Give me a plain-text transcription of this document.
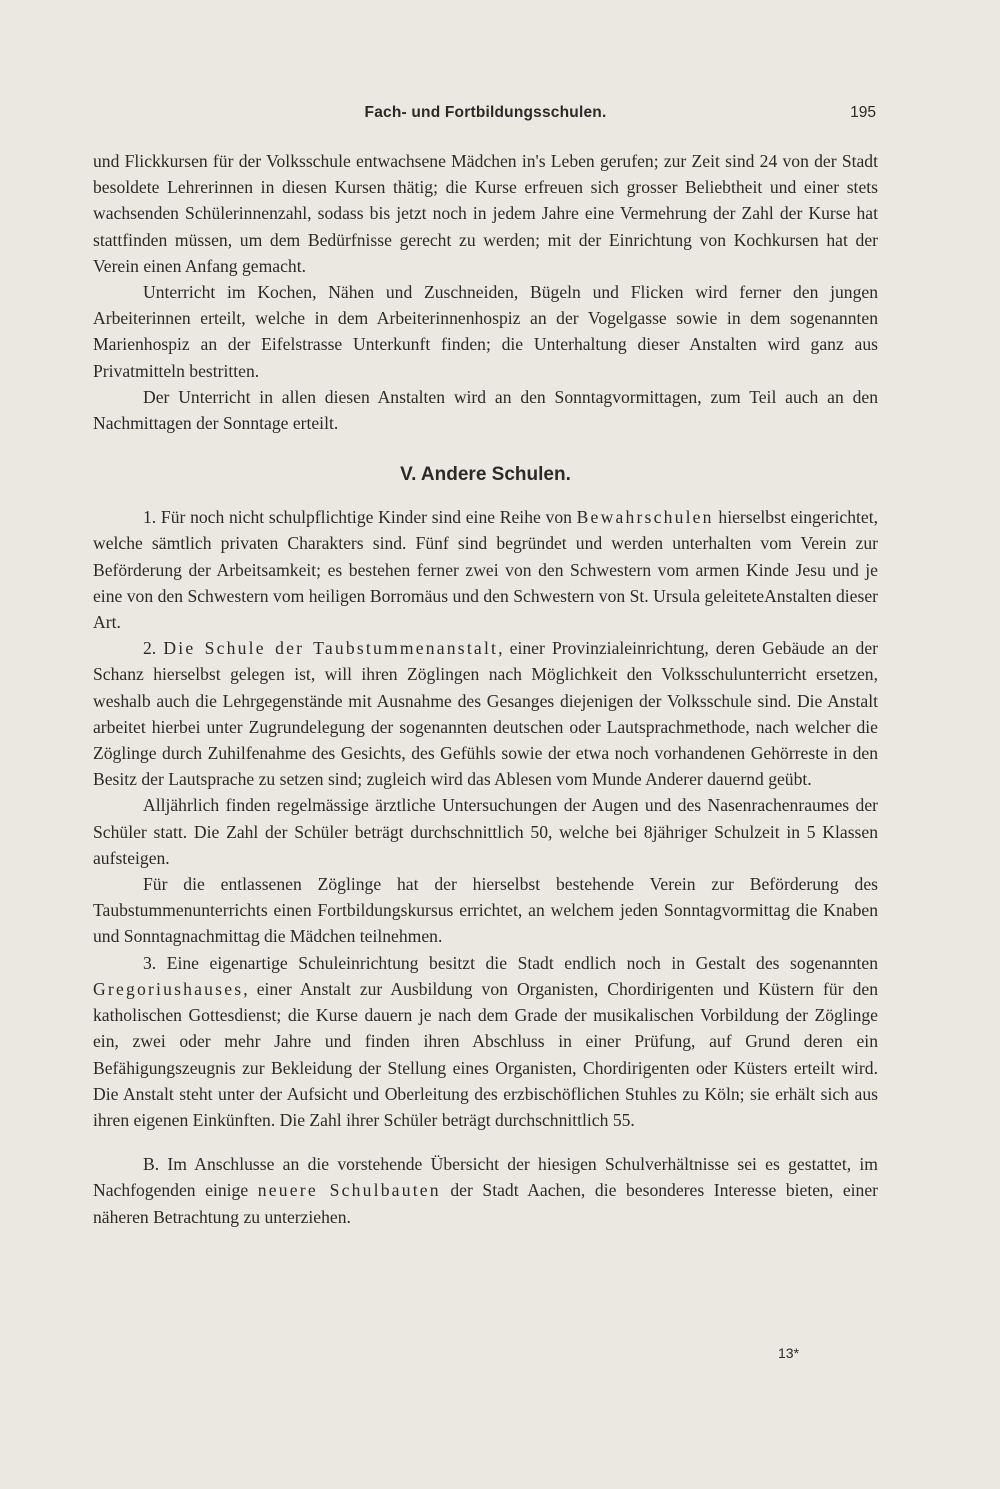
Fach- und Fortbildungsschulen.	195

und Flickkursen für der Volksschule entwachsene Mädchen in's Leben gerufen; zur Zeit sind 24 von der Stadt besoldete Lehrerinnen in diesen Kursen thätig; die Kurse erfreuen sich grosser Beliebtheit und einer stets wachsenden Schülerinnenzahl, sodass bis jetzt noch in jedem Jahre eine Vermehrung der Zahl der Kurse hat stattfinden müssen, um dem Bedürfnisse gerecht zu werden; mit der Einrichtung von Kochkursen hat der Verein einen Anfang gemacht.

Unterricht im Kochen, Nähen und Zuschneiden, Bügeln und Flicken wird ferner den jungen Arbeiterinnen erteilt, welche in dem Arbeiterinnenhospiz an der Vogelgasse sowie in dem sogenannten Marienhospiz an der Eifelstrasse Unterkunft finden; die Unterhaltung dieser Anstalten wird ganz aus Privatmitteln bestritten.

Der Unterricht in allen diesen Anstalten wird an den Sonntagvormittagen, zum Teil auch an den Nachmittagen der Sonntage erteilt.

V. Andere Schulen.

1. Für noch nicht schulpflichtige Kinder sind eine Reihe von Bewahrschulen hierselbst eingerichtet, welche sämtlich privaten Charakters sind. Fünf sind begründet und werden unterhalten vom Verein zur Beförderung der Arbeitsamkeit; es bestehen ferner zwei von den Schwestern vom armen Kinde Jesu und je eine von den Schwestern vom heiligen Borromäus und den Schwestern von St. Ursula geleiteteAnstalten dieser Art.

2. Die Schule der Taubstummenanstalt, einer Provinzialeinrichtung, deren Gebäude an der Schanz hierselbst gelegen ist, will ihren Zöglingen nach Möglichkeit den Volksschulunterricht ersetzen, weshalb auch die Lehrgegenstände mit Ausnahme des Gesanges diejenigen der Volksschule sind. Die Anstalt arbeitet hierbei unter Zugrundelegung der sogenannten deutschen oder Lautsprachmethode, nach welcher die Zöglinge durch Zuhilfenahme des Gesichts, des Gefühls sowie der etwa noch vorhandenen Gehörreste in den Besitz der Lautsprache zu setzen sind; zugleich wird das Ablesen vom Munde Anderer dauernd geübt.

Alljährlich finden regelmässige ärztliche Untersuchungen der Augen und des Nasenrachenraumes der Schüler statt. Die Zahl der Schüler beträgt durchschnittlich 50, welche bei 8jähriger Schulzeit in 5 Klassen aufsteigen.

Für die entlassenen Zöglinge hat der hierselbst bestehende Verein zur Beförderung des Taubstummenunterrichts einen Fortbildungskursus errichtet, an welchem jeden Sonntagvormittag die Knaben und Sonntagnachmittag die Mädchen teilnehmen.

3. Eine eigenartige Schuleinrichtung besitzt die Stadt endlich noch in Gestalt des sogenannten Gregoriushauses, einer Anstalt zur Ausbildung von Organisten, Chordirigenten und Küstern für den katholischen Gottesdienst; die Kurse dauern je nach dem Grade der musikalischen Vorbildung der Zöglinge ein, zwei oder mehr Jahre und finden ihren Abschluss in einer Prüfung, auf Grund deren ein Befähigungszeugnis zur Bekleidung der Stellung eines Organisten, Chordirigenten oder Küsters erteilt wird. Die Anstalt steht unter der Aufsicht und Oberleitung des erzbischöflichen Stuhles zu Köln; sie erhält sich aus ihren eigenen Einkünften. Die Zahl ihrer Schüler beträgt durchschnittlich 55.

B. Im Anschlusse an die vorstehende Übersicht der hiesigen Schulverhältnisse sei es gestattet, im Nachfogenden einige neuere Schulbauten der Stadt Aachen, die besonderes Interesse bieten, einer näheren Betrachtung zu unterziehen.

13*
